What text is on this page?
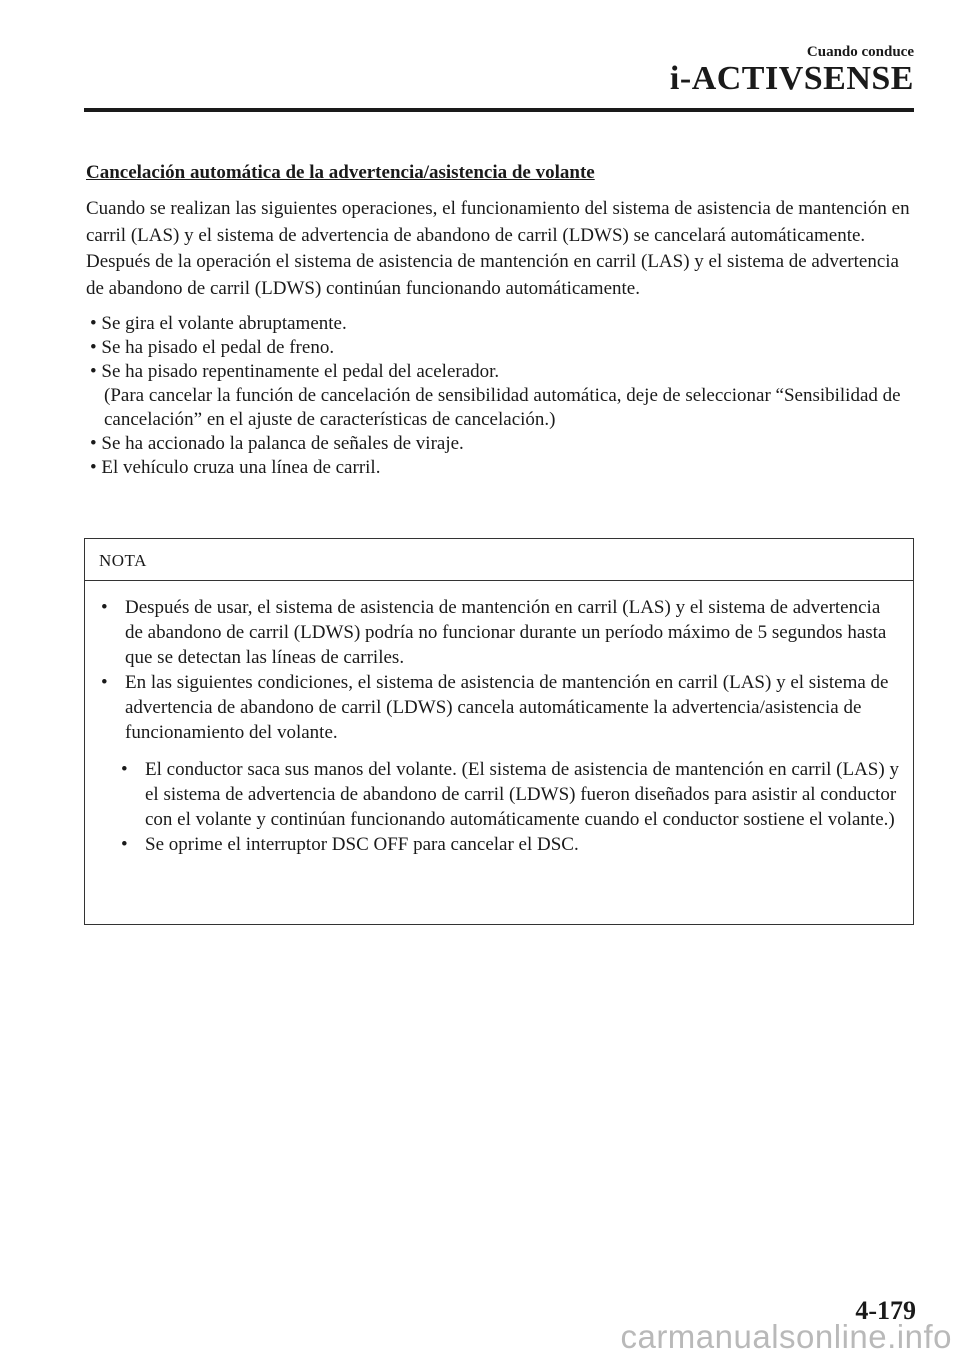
Cuando conduce
i-ACTIVSENSE
Cancelación automática de la advertencia/asistencia de volante

Cuando se realizan las siguientes operaciones, el funcionamiento del sistema de asistencia de mantención en carril (LAS) y el sistema de advertencia de abandono de carril (LDWS) se cancelará automáticamente. Después de la operación el sistema de asistencia de mantención en carril (LAS) y el sistema de advertencia de abandono de carril (LDWS) continúan funcionando automáticamente.

• Se gira el volante abruptamente.
• Se ha pisado el pedal de freno.
• Se ha pisado repentinamente el pedal del acelerador.
(Para cancelar la función de cancelación de sensibilidad automática, deje de seleccionar “Sensibilidad de cancelación” en el ajuste de características de cancelación.)
• Se ha accionado la palanca de señales de viraje.
• El vehículo cruza una línea de carril.
NOTA
• Después de usar, el sistema de asistencia de mantención en carril (LAS) y el sistema de advertencia de abandono de carril (LDWS) podría no funcionar durante un período máximo de 5 segundos hasta que se detectan las líneas de carriles.
• En las siguientes condiciones, el sistema de asistencia de mantención en carril (LAS) y el sistema de advertencia de abandono de carril (LDWS) cancela automáticamente la advertencia/asistencia de funcionamiento del volante.
• El conductor saca sus manos del volante. (El sistema de asistencia de mantención en carril (LAS) y el sistema de advertencia de abandono de carril (LDWS) fueron diseñados para asistir al conductor con el volante y continúan funcionando automáticamente cuando el conductor sostiene el volante.)
• Se oprime el interruptor DSC OFF para cancelar el DSC.
4-179
carmanualsonline.info
